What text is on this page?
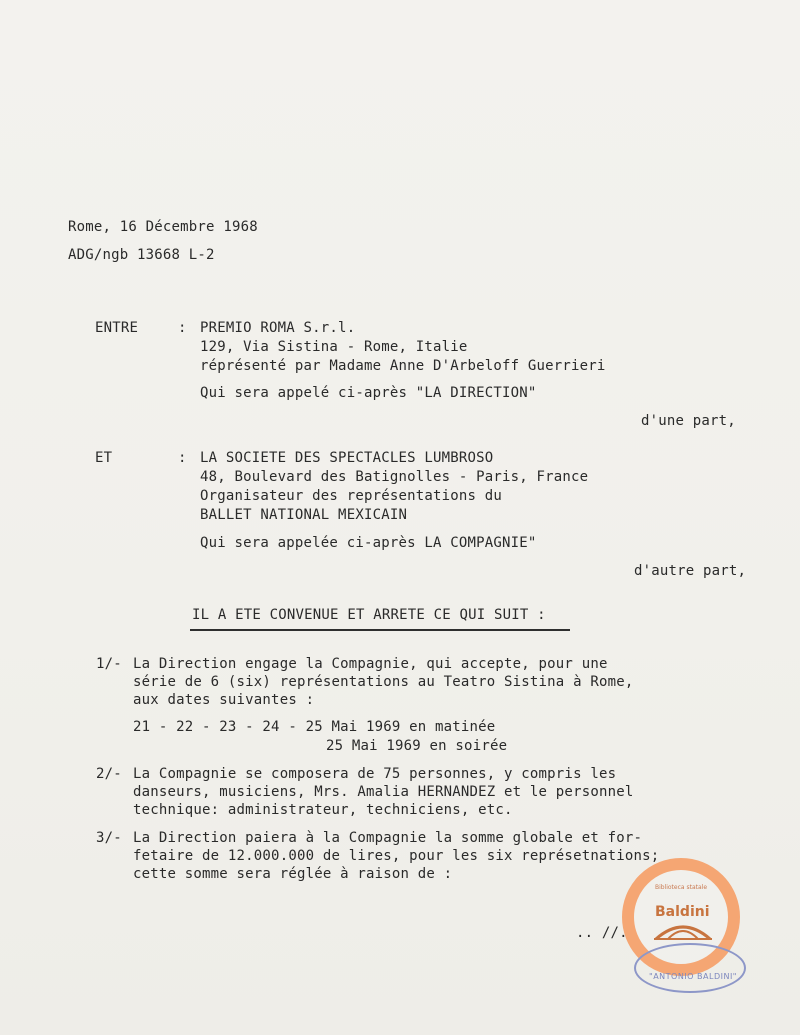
Rome, 16 Décembre 1968
ADG/ngb 13668 L-2
ENTRE	: PREMIO ROMA S.r.l.
129, Via Sistina - Rome, Italie
réprésenté par Madame Anne D'Arbeloff Guerrieri
Qui sera appelé ci-après "LA DIRECTION"
d'une part,
ET	: LA SOCIETE DES SPECTACLES LUMBROSO
48, Boulevard des Batignolles - Paris, France
Organisateur des représentations du
BALLET NATIONAL MEXICAIN
Qui sera appelée ci-après LA COMPAGNIE"
d'autre part,
IL A ETE CONVENUE ET ARRETE CE QUI SUIT :
1/- La Direction engage la Compagnie, qui accepte, pour une
série de 6 (six) représentations au Teatro Sistina à Rome,
aux dates suivantes :
21 - 22 - 23 - 24 - 25 Mai 1969 en matinée
25 Mai 1969 en soirée
2/- La Compagnie se composera de 75 personnes, y compris les
danseurs, musiciens, Mrs. Amalia HERNANDEZ et le personnel
technique: administrateur, techniciens, etc.
3/- La Direction paiera à la Compagnie la somme globale et for-
fetaire de 12.000.000 de lires, pour les six représetnations;
cette somme sera réglée à raison de :
.. //..
Biblioteca statale
Baldini
"ANTONIO BALDINI"
